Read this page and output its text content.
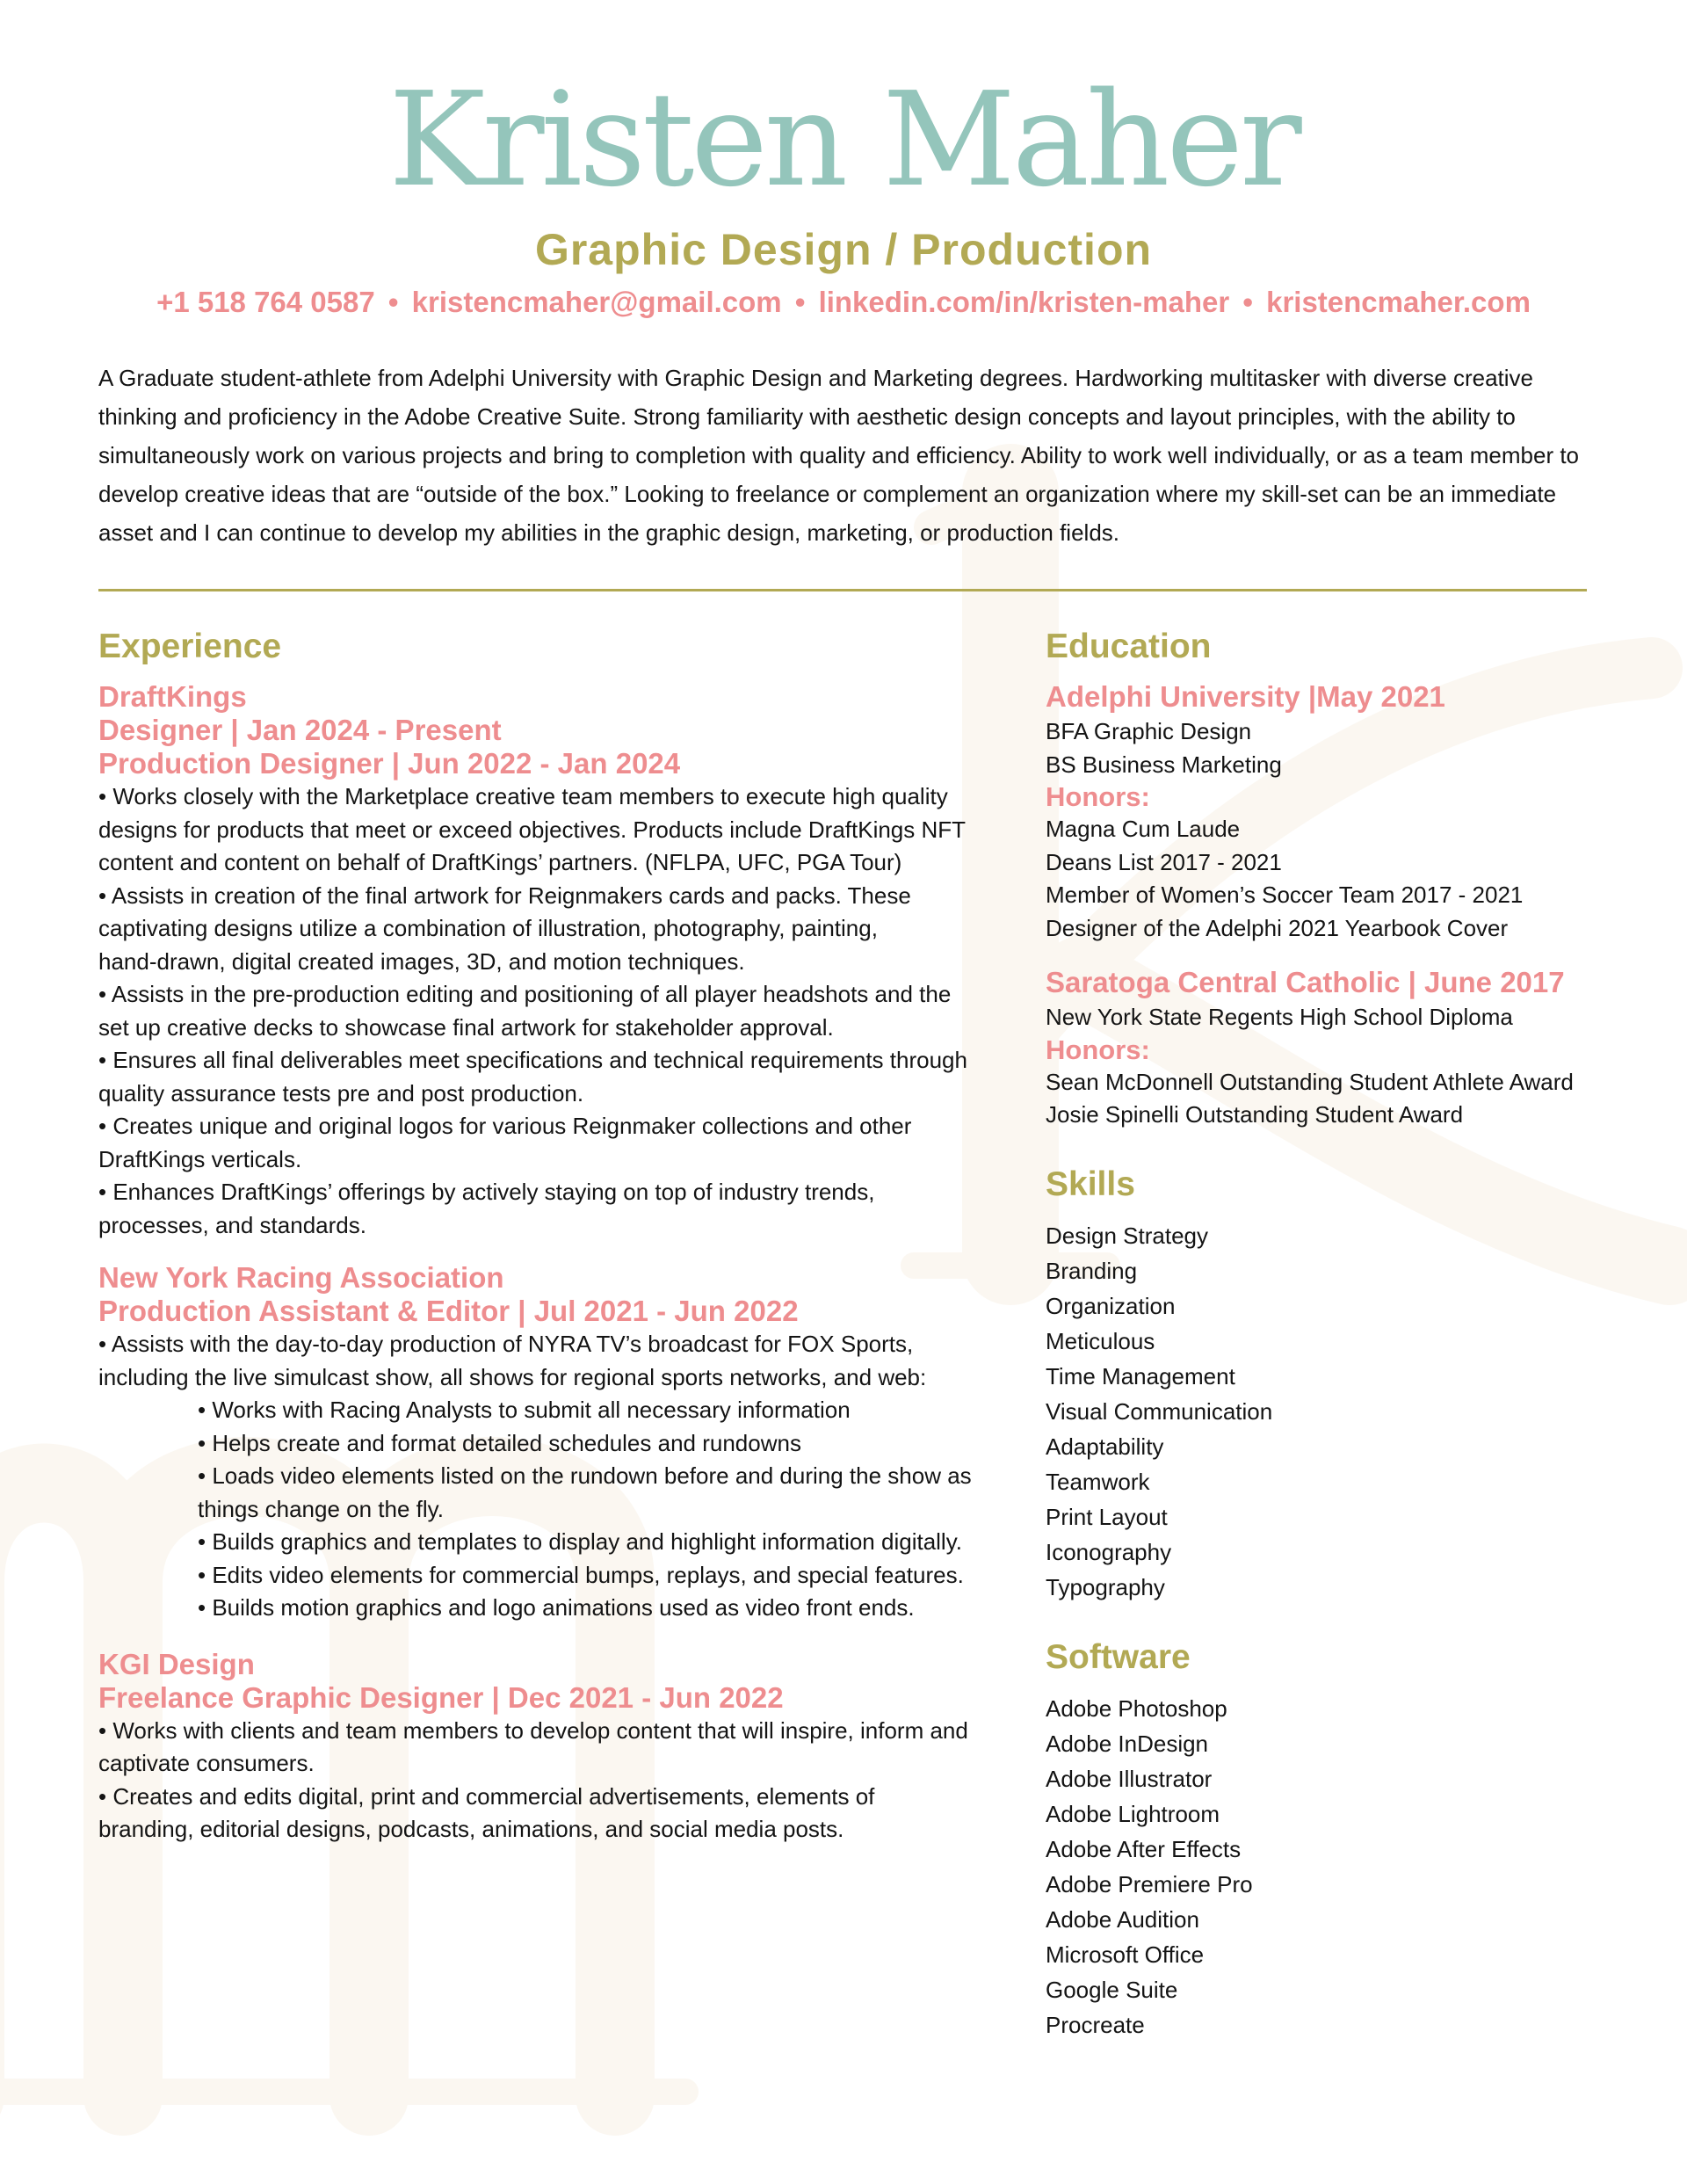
Kristen Maher
Graphic Design / Production
+1 518 764 0587 • kristencmaher@gmail.com • linkedin.com/in/kristen-maher • kristencmaher.com

A Graduate student-athlete from Adelphi University with Graphic Design and Marketing degrees. Hardworking multitasker with diverse creative thinking and proficiency in the Adobe Creative Suite. Strong familiarity with aesthetic design concepts and layout principles, with the ability to simultaneously work on various projects and bring to completion with quality and efficiency. Ability to work well individually, or as a team member to develop creative ideas that are “outside of the box.” Looking to freelance or complement an organization where my skill-set can be an immediate asset and I can continue to develop my abilities in the graphic design, marketing, or production fields.

Experience

DraftKings

Designer | Jan 2024 - Present

Production Designer | Jun 2022 - Jan 2024

• Works closely with the Marketplace creative team members to execute high quality

designs for products that meet or exceed objectives. Products include DraftKings NFT

content and content on behalf of DraftKings’ partners. (NFLPA, UFC, PGA Tour)

• Assists in creation of the final artwork for Reignmakers cards and packs. These

captivating designs utilize a combination of illustration, photography, painting,

hand-drawn, digital created images, 3D, and motion techniques.

• Assists in the pre-production editing and positioning of all player headshots and the

set up creative decks to showcase final artwork for stakeholder approval.

• Ensures all final deliverables meet specifications and technical requirements through

quality assurance tests pre and post production.

• Creates unique and original logos for various Reignmaker collections and other

DraftKings verticals.

• Enhances DraftKings’ offerings by actively staying on top of industry trends,

processes, and standards.

New York Racing Association

Production Assistant & Editor | Jul 2021 - Jun 2022

• Assists with the day-to-day production of NYRA TV’s broadcast for FOX Sports,

including the live simulcast show, all shows for regional sports networks, and web:

• Works with Racing Analysts to submit all necessary information

• Helps create and format detailed schedules and rundowns

• Loads video elements listed on the rundown before and during the show as

things change on the fly.

• Builds graphics and templates to display and highlight information digitally.

• Edits video elements for commercial bumps, replays, and special features.

• Builds motion graphics and logo animations used as video front ends.

KGI Design

Freelance Graphic Designer | Dec 2021 - Jun 2022

• Works with clients and team members to develop content that will inspire, inform and

captivate consumers.

• Creates and edits digital, print and commercial advertisements, elements of

branding, editorial designs, podcasts, animations, and social media posts.

Education

Adelphi University |May 2021

BFA Graphic Design

BS Business Marketing

Honors:

Magna Cum Laude

Deans List 2017 - 2021

Member of Women’s Soccer Team 2017 - 2021

Designer of the Adelphi 2021 Yearbook Cover

Saratoga Central Catholic | June 2017

New York State Regents High School Diploma

Honors:

Sean McDonnell Outstanding Student Athlete Award

Josie Spinelli Outstanding Student Award

Skills

Design Strategy

Branding

Organization

Meticulous

Time Management

Visual Communication

Adaptability

Teamwork

Print Layout

Iconography

Typography

Software

Adobe Photoshop

Adobe InDesign

Adobe Illustrator

Adobe Lightroom

Adobe After Effects

Adobe Premiere Pro

Adobe Audition

Microsoft Office

Google Suite

Procreate
